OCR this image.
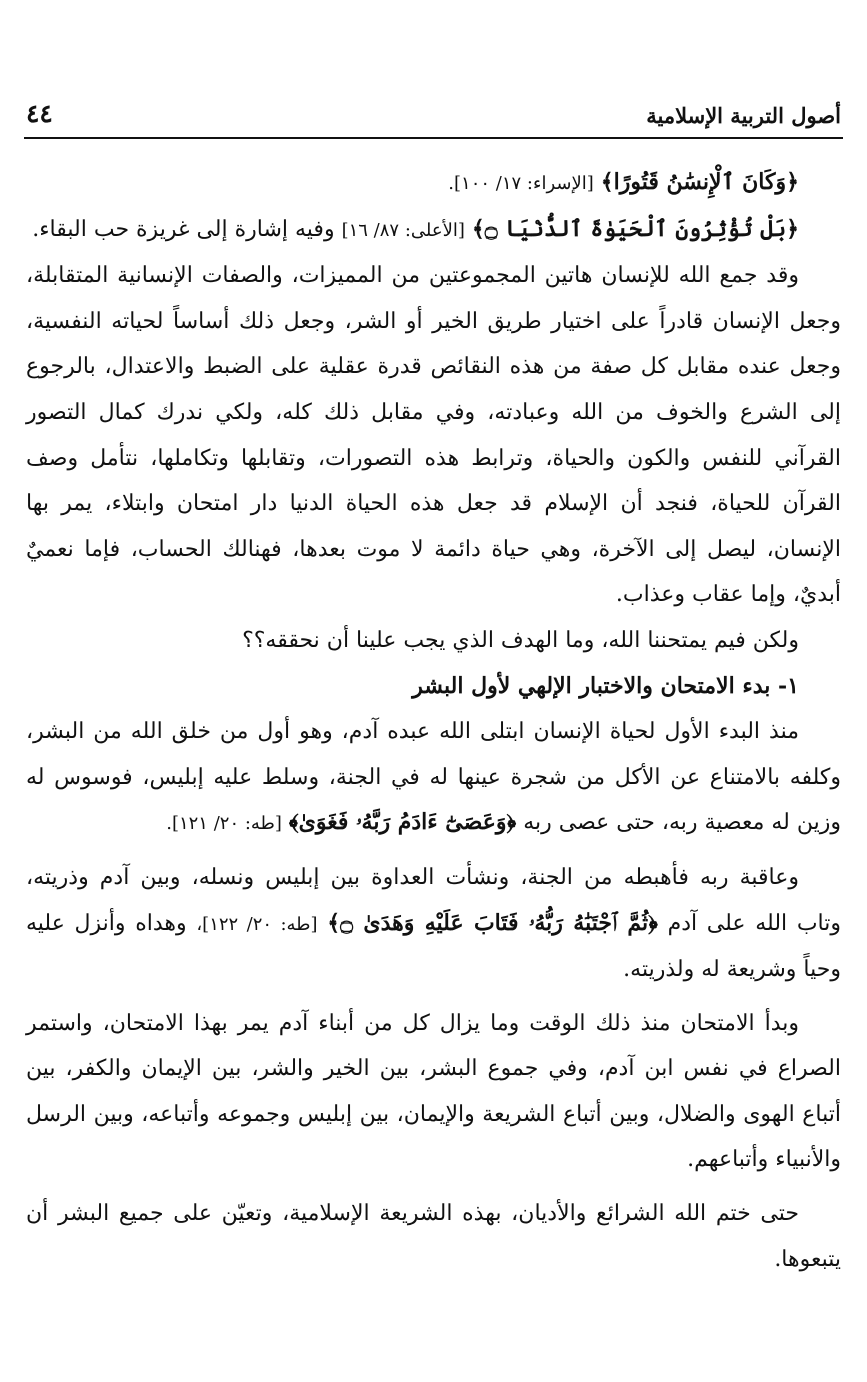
أصول التربية الإسلامية
٤٤

﴿وَكَانَ ٱلْإِنسَٰنُ قَتُورًا﴾ [الإسراء: ١٧/ ١٠٠].

﴿بَلْ تُؤْثِرُونَ ٱلْحَيَوٰةَ ٱلدُّنْيَا ۝﴾ [الأعلى: ٨٧/ ١٦] وفيه إشارة إلى غريزة حب البقاء.

وقد جمع الله للإنسان هاتين المجموعتين من المميزات، والصفات الإنسانية المتقابلة، وجعل الإنسان قادراً على اختيار طريق الخير أو الشر، وجعل ذلك أساساً لحياته النفسية، وجعل عنده مقابل كل صفة من هذه النقائص قدرة عقلية على الضبط والاعتدال، بالرجوع إلى الشرع والخوف من الله وعبادته، وفي مقابل ذلك كله، ولكي ندرك كمال التصور القرآني للنفس والكون والحياة، وترابط هذه التصورات، وتقابلها وتكاملها، نتأمل وصف القرآن للحياة، فنجد أن الإسلام قد جعل هذه الحياة الدنيا دار امتحان وابتلاء، يمر بها الإنسان، ليصل إلى الآخرة، وهي حياة دائمة لا موت بعدها، فهنالك الحساب، فإما نعميٌ أبديٌ، وإما عقاب وعذاب.

ولكن فيم يمتحننا الله، وما الهدف الذي يجب علينا أن نحققه؟؟

١- بدء الامتحان والاختبار الإلهي لأول البشر

منذ البدء الأول لحياة الإنسان ابتلى الله عبده آدم، وهو أول من خلق الله من البشر، وكلفه بالامتناع عن الأكل من شجرة عينها له في الجنة، وسلط عليه إبليس، فوسوس له وزين له معصية ربه، حتى عصى ربه ﴿وَعَصَىٰٓ ءَادَمُ رَبَّهُۥ فَغَوَىٰ﴾ [طه: ٢٠/ ١٢١].

وعاقبة ربه فأهبطه من الجنة، ونشأت العداوة بين إبليس ونسله، وبين آدم وذريته، وتاب الله على آدم ﴿ثُمَّ ٱجْتَبَٰهُ رَبُّهُۥ فَتَابَ عَلَيْهِ وَهَدَىٰ ۝﴾ [طه: ٢٠/ ١٢٢]، وهداه وأنزل عليه وحياً وشريعة له ولذريته.

وبدأ الامتحان منذ ذلك الوقت وما يزال كل من أبناء آدم يمر بهذا الامتحان، واستمر الصراع في نفس ابن آدم، وفي جموع البشر، بين الخير والشر، بين الإيمان والكفر، بين أتباع الهوى والضلال، وبين أتباع الشريعة والإيمان، بين إبليس وجموعه وأتباعه، وبين الرسل والأنبياء وأتباعهم.

حتى ختم الله الشرائع والأديان، بهذه الشريعة الإسلامية، وتعيّن على جميع البشر أن يتبعوها.
